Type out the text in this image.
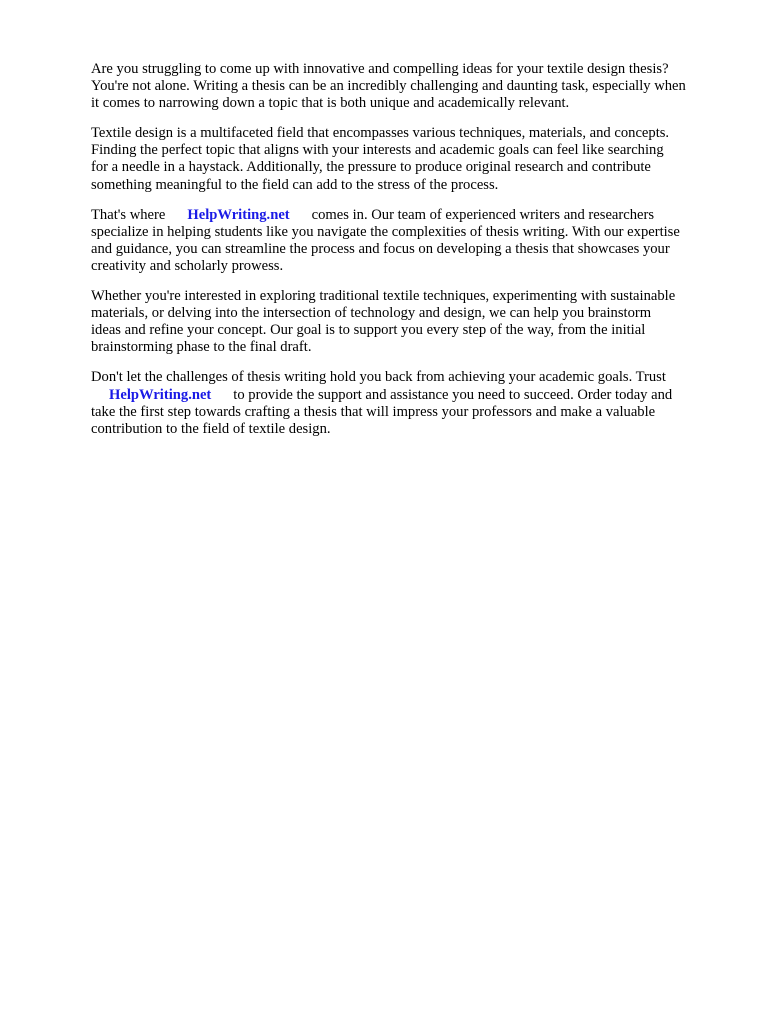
Are you struggling to come up with innovative and compelling ideas for your textile design thesis?
You're not alone. Writing a thesis can be an incredibly challenging and daunting task, especially when
it comes to narrowing down a topic that is both unique and academically relevant.

Textile design is a multifaceted field that encompasses various techniques, materials, and concepts.
Finding the perfect topic that aligns with your interests and academic goals can feel like searching
for a needle in a haystack. Additionally, the pressure to produce original research and contribute
something meaningful to the field can add to the stress of the process.

That's where HelpWriting.net comes in. Our team of experienced writers and researchers
specialize in helping students like you navigate the complexities of thesis writing. With our expertise
and guidance, you can streamline the process and focus on developing a thesis that showcases your
creativity and scholarly prowess.

Whether you're interested in exploring traditional textile techniques, experimenting with sustainable
materials, or delving into the intersection of technology and design, we can help you brainstorm
ideas and refine your concept. Our goal is to support you every step of the way, from the initial
brainstorming phase to the final draft.

Don't let the challenges of thesis writing hold you back from achieving your academic goals. Trust
HelpWriting.net to provide the support and assistance you need to succeed. Order today and
take the first step towards crafting a thesis that will impress your professors and make a valuable
contribution to the field of textile design.
